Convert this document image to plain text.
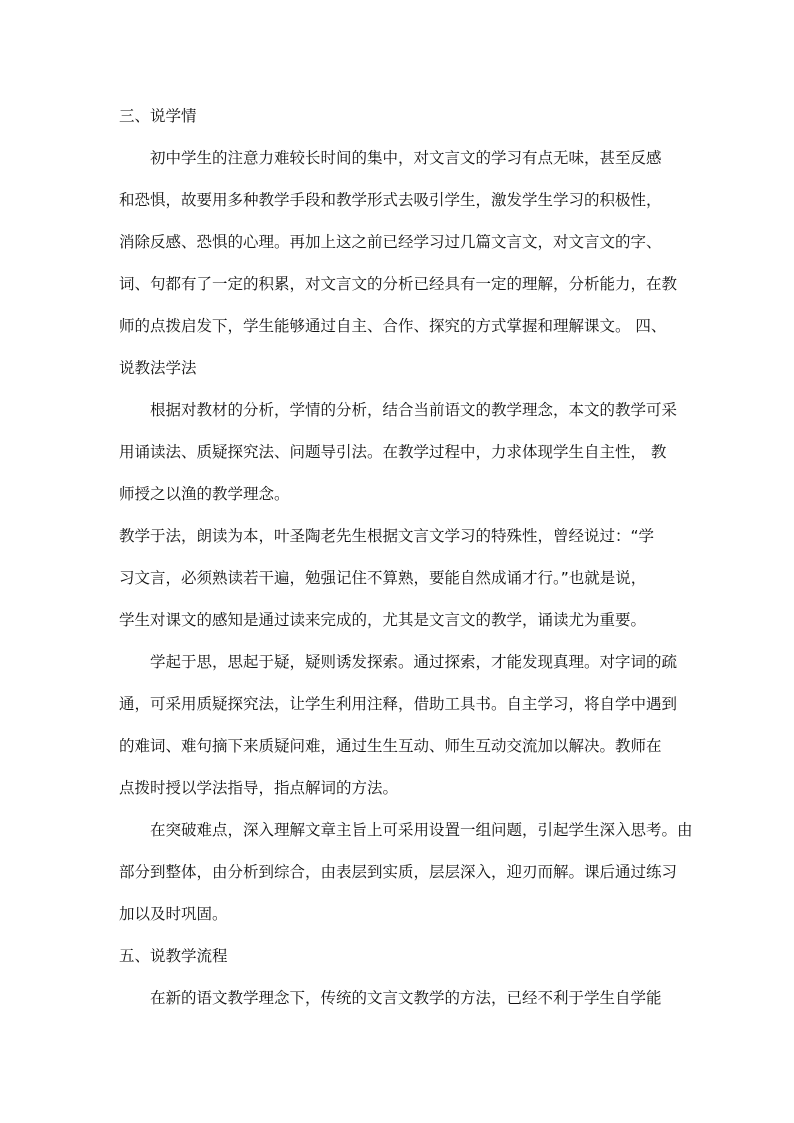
三、说学情
初中学生的注意力难较长时间的集中，对文言文的学习有点无味，甚至反感
和恐惧，故要用多种教学手段和教学形式去吸引学生，激发学生学习的积极性，
消除反感、恐惧的心理。再加上这之前已经学习过几篇文言文，对文言文的字、
词、句都有了一定的积累，对文言文的分析已经具有一定的理解，分析能力，在教
师的点拨启发下，学生能够通过自主、合作、探究的方式掌握和理解课文。 四、
说教法学法
根据对教材的分析，学情的分析，结合当前语文的教学理念，本文的教学可采
用诵读法、质疑探究法、问题导引法。在教学过程中，力求体现学生自主性， 教
师授之以渔的教学理念。
教学于法，朗读为本，叶圣陶老先生根据文言文学习的特殊性，曾经说过：“学
习文言，必须熟读若干遍，勉强记住不算熟，要能自然成诵才行。”也就是说，
学生对课文的感知是通过读来完成的，尤其是文言文的教学，诵读尤为重要。
学起于思，思起于疑，疑则诱发探索。通过探索，才能发现真理。对字词的疏
通，可采用质疑探究法，让学生利用注释，借助工具书。自主学习，将自学中遇到
的难词、难句摘下来质疑问难，通过生生互动、师生互动交流加以解决。教师在
点拨时授以学法指导，指点解词的方法。
在突破难点，深入理解文章主旨上可采用设置一组问题，引起学生深入思考。由
部分到整体，由分析到综合，由表层到实质，层层深入，迎刃而解。课后通过练习
加以及时巩固。
五、说教学流程
在新的语文教学理念下，传统的文言文教学的方法，已经不利于学生自学能
